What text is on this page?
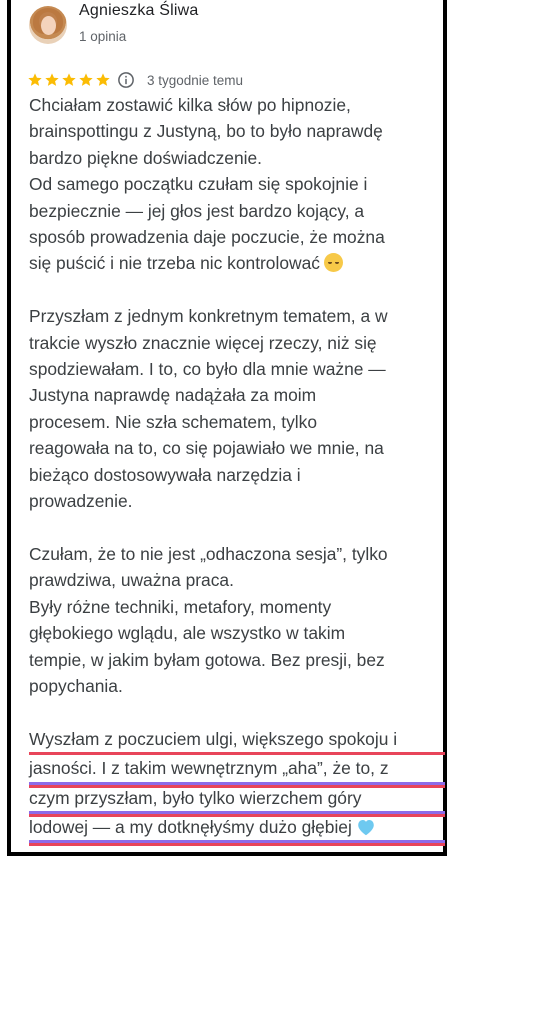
Agnieszka Śliwa
1 opinia
3 tygodnie temu

Chciałam zostawić kilka słów po hipnozie,
brainspottingu z Justyną, bo to było naprawdę
bardzo piękne doświadczenie.
Od samego początku czułam się spokojnie i
bezpiecznie — jej głos jest bardzo kojący, a
sposób prowadzenia daje poczucie, że można
się puścić i nie trzeba nic kontrolować

Przyszłam z jednym konkretnym tematem, a w
trakcie wyszło znacznie więcej rzeczy, niż się
spodziewałam. I to, co było dla mnie ważne —
Justyna naprawdę nadążała za moim
procesem. Nie szła schematem, tylko
reagowała na to, co się pojawiało we mnie, na
bieżąco dostosowywała narzędzia i
prowadzenie.

Czułam, że to nie jest „odhaczona sesja”, tylko
prawdziwa, uważna praca.
Były różne techniki, metafory, momenty
głębokiego wglądu, ale wszystko w takim
tempie, w jakim byłam gotowa. Bez presji, bez
popychania.

Wyszłam z poczuciem ulgi, większego spokoju i
jasności. I z takim wewnętrznym „aha”, że to, z
czym przyszłam, było tylko wierzchem góry
lodowej — a my dotknęłyśmy dużo głębiej
